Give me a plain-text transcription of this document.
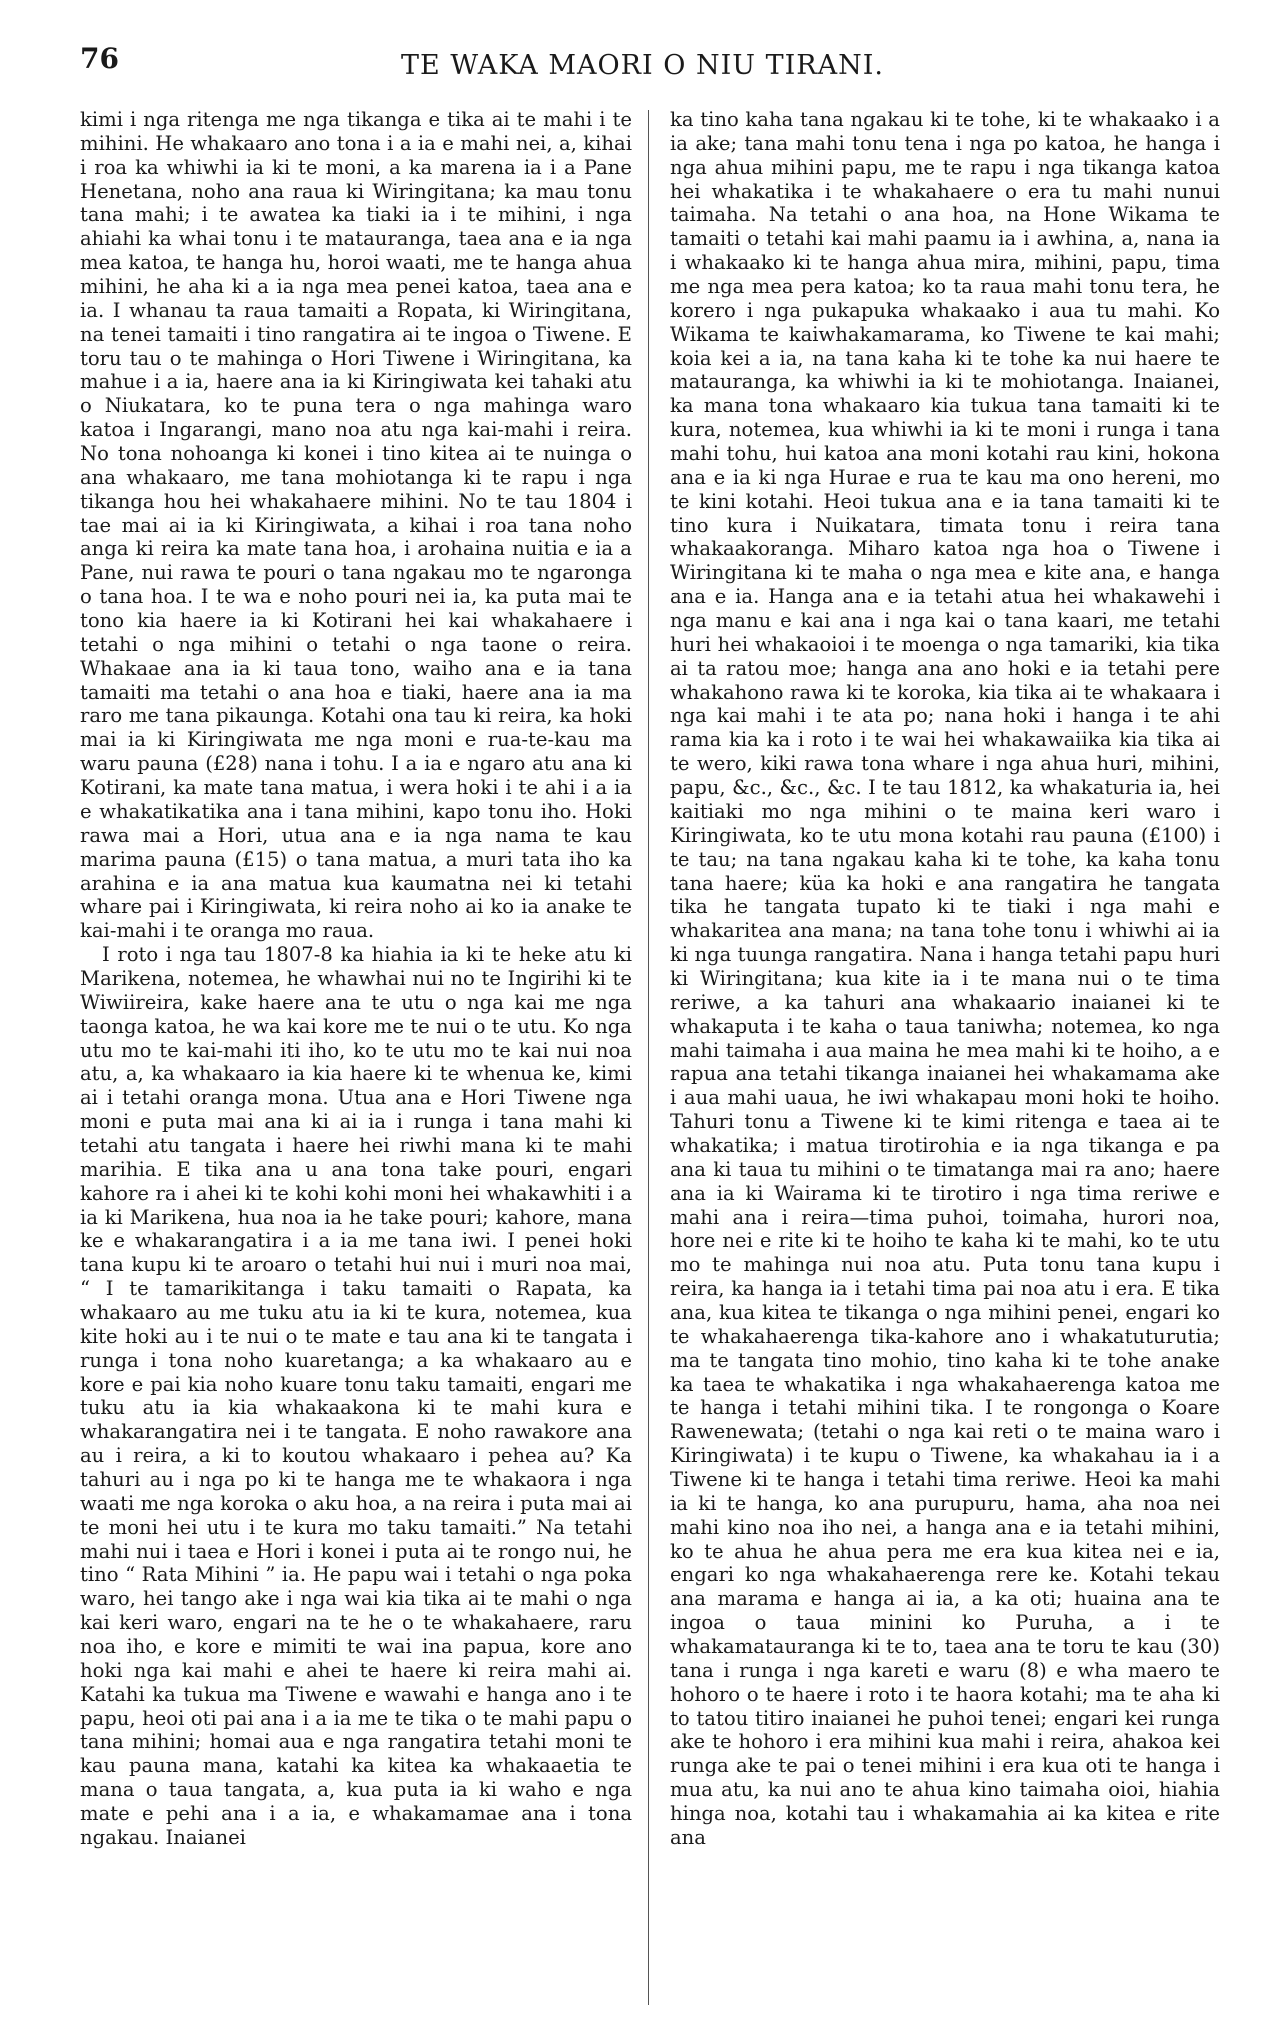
76	TE WAKA MAORI O NIU TIRANI.

kimi i nga ritenga me nga tikanga e tika ai te mahi i te mihini. He whakaaro ano tona i a ia e mahi nei, a, kihai i roa ka whiwhi ia ki te moni, a ka marena ia i a Pane Henetana, noho ana raua ki Wiringitana; ka mau tonu tana mahi; i te awatea ka tiaki ia i te mihini, i nga ahiahi ka whai tonu i te matauranga, taea ana e ia nga mea katoa, te hanga hu, horoi waati, me te hanga ahua mihini, he aha ki a ia nga mea penei katoa, taea ana e ia. I whanau ta raua tamaiti a Ropata, ki Wiringitana, na tenei tamaiti i tino rangatira ai te ingoa o Tiwene. E toru tau o te mahinga o Hori Tiwene i Wiringitana, ka mahue i a ia, haere ana ia ki Kiringiwata kei tahaki atu o Niukatara, ko te puna tera o nga mahinga waro katoa i Ingarangi, mano noa atu nga kai-mahi i reira. No tona nohoanga ki konei i tino kitea ai te nuinga o ana whakaaro, me tana mohiotanga ki te rapu i nga tikanga hou hei whakahaere mihini. No te tau 1804 i tae mai ai ia ki Kiringiwata, a kihai i roa tana noho anga ki reira ka mate tana hoa, i arohaina nuitia e ia a Pane, nui rawa te pouri o tana ngakau mo te ngaronga o tana hoa. I te wa e noho pouri nei ia, ka puta mai te tono kia haere ia ki Kotirani hei kai whakahaere i tetahi o nga mihini o tetahi o nga taone o reira. Whakaae ana ia ki taua tono, waiho ana e ia tana tamaiti ma tetahi o ana hoa e tiaki, haere ana ia ma raro me tana pikaunga. Kotahi ona tau ki reira, ka hoki mai ia ki Kiringiwata me nga moni e rua-te-kau ma waru pauna (£28) nana i tohu. I a ia e ngaro atu ana ki Kotirani, ka mate tana matua, i wera hoki i te ahi i a ia e whakatikatika ana i tana mihini, kapo tonu iho. Hoki rawa mai a Hori, utua ana e ia nga nama te kau marima pauna (£15) o tana matua, a muri tata iho ka arahina e ia ana matua kua kaumatna nei ki tetahi whare pai i Kiringiwata, ki reira noho ai ko ia anake te kai-mahi i te oranga mo raua.

I roto i nga tau 1807-8 ka hiahia ia ki te heke atu ki Marikena, notemea, he whawhai nui no te Ingirihi ki te Wiwiireira, kake haere ana te utu o nga kai me nga taonga katoa, he wa kai kore me te nui o te utu. Ko nga utu mo te kai-mahi iti iho, ko te utu mo te kai nui noa atu, a, ka whakaaro ia kia haere ki te whenua ke, kimi ai i tetahi oranga mona. Utua ana e Hori Tiwene nga moni e puta mai ana ki ai ia i runga i tana mahi ki tetahi atu tangata i haere hei riwhi mana ki te mahi marihia. E tika ana u ana tona take pouri, engari kahore ra i ahei ki te kohi kohi moni hei whakawhiti i a ia ki Marikena, hua noa ia he take pouri; kahore, mana ke e whakarangatira i a ia me tana iwi. I penei hoki tana kupu ki te aroaro o tetahi hui nui i muri noa mai, “ I te tamarikitanga i taku tamaiti o Rapata, ka whakaaro au me tuku atu ia ki te kura, notemea, kua kite hoki au i te nui o te mate e tau ana ki te tangata i runga i tona noho kuaretanga; a ka whakaaro au e kore e pai kia noho kuare tonu taku tamaiti, engari me tuku atu ia kia whakaakona ki te mahi kura e whakarangatira nei i te tangata. E noho rawakore ana au i reira, a ki to koutou whakaaro i pehea au? Ka tahuri au i nga po ki te hanga me te whakaora i nga waati me nga koroka o aku hoa, a na reira i puta mai ai te moni hei utu i te kura mo taku tamaiti.” Na tetahi mahi nui i taea e Hori i konei i puta ai te rongo nui, he tino “ Rata Mihini ” ia. He papu wai i tetahi o nga poka waro, hei tango ake i nga wai kia tika ai te mahi o nga kai keri waro, engari na te he o te whakahaere, raru noa iho, e kore e mimiti te wai ina papua, kore ano hoki nga kai mahi e ahei te haere ki reira mahi ai. Katahi ka tukua ma Tiwene e wawahi e hanga ano i te papu, heoi oti pai ana i a ia me te tika o te mahi papu o tana mihini; homai aua e nga rangatira tetahi moni te kau pauna mana, katahi ka kitea ka whakaaetia te mana o taua tangata, a, kua puta ia ki waho e nga mate e pehi ana i a ia, e whakamamae ana i tona ngakau. Inaianei

ka tino kaha tana ngakau ki te tohe, ki te whakaako i a ia ake; tana mahi tonu tena i nga po katoa, he hanga i nga ahua mihini papu, me te rapu i nga tikanga katoa hei whakatika i te whakahaere o era tu mahi nunui taimaha. Na tetahi o ana hoa, na Hone Wikama te tamaiti o tetahi kai mahi paamu ia i awhina, a, nana ia i whakaako ki te hanga ahua mira, mihini, papu, tima me nga mea pera katoa; ko ta raua mahi tonu tera, he korero i nga pukapuka whakaako i aua tu mahi. Ko Wikama te kaiwhakamarama, ko Tiwene te kai mahi; koia kei a ia, na tana kaha ki te tohe ka nui haere te matauranga, ka whiwhi ia ki te mohiotanga. Inaianei, ka mana tona whakaaro kia tukua tana tamaiti ki te kura, notemea, kua whiwhi ia ki te moni i runga i tana mahi tohu, hui katoa ana moni kotahi rau kini, hokona ana e ia ki nga Hurae e rua te kau ma ono hereni, mo te kini kotahi. Heoi tukua ana e ia tana tamaiti ki te tino kura i Nuikatara, timata tonu i reira tana whakaakoranga. Miharo katoa nga hoa o Tiwene i Wiringitana ki te maha o nga mea e kite ana, e hanga ana e ia. Hanga ana e ia tetahi atua hei whakawehi i nga manu e kai ana i nga kai o tana kaari, me tetahi huri hei whakaoioi i te moenga o nga tamariki, kia tika ai ta ratou moe; hanga ana ano hoki e ia tetahi pere whakahono rawa ki te koroka, kia tika ai te whakaara i nga kai mahi i te ata po; nana hoki i hanga i te ahi rama kia ka i roto i te wai hei whakawaiika kia tika ai te wero, kiki rawa tona whare i nga ahua huri, mihini, papu, &c., &c., &c. I te tau 1812, ka whakaturia ia, hei kaitiaki mo nga mihini o te maina keri waro i Kiringiwata, ko te utu mona kotahi rau pauna (£100) i te tau; na tana ngakau kaha ki te tohe, ka kaha tonu tana haere; küa ka hoki e ana rangatira he tangata tika he tangata tupato ki te tiaki i nga mahi e whakaritea ana mana; na tana tohe tonu i whiwhi ai ia ki nga tuunga rangatira. Nana i hanga tetahi papu huri ki Wiringitana; kua kite ia i te mana nui o te tima reriwe, a ka tahuri ana whakaario inaianei ki te whakaputa i te kaha o taua taniwha; notemea, ko nga mahi taimaha i aua maina he mea mahi ki te hoiho, a e rapua ana tetahi tikanga inaianei hei whakamama ake i aua mahi uaua, he iwi whakapau moni hoki te hoiho. Tahuri tonu a Tiwene ki te kimi ritenga e taea ai te whakatika; i matua tirotirohia e ia nga tikanga e pa ana ki taua tu mihini o te timatanga mai ra ano; haere ana ia ki Wairama ki te tirotiro i nga tima reriwe e mahi ana i reira—tima puhoi, toimaha, hurori noa, hore nei e rite ki te hoiho te kaha ki te mahi, ko te utu mo te mahinga nui noa atu. Puta tonu tana kupu i reira, ka hanga ia i tetahi tima pai noa atu i era. E tika ana, kua kitea te tikanga o nga mihini penei, engari ko te whakahaerenga tika-kahore ano i whakatuturutia; ma te tangata tino mohio, tino kaha ki te tohe anake ka taea te whakatika i nga whakahaerenga katoa me te hanga i tetahi mihini tika. I te rongonga o Koare Rawenewata; (tetahi o nga kai reti o te maina waro i Kiringiwata) i te kupu o Tiwene, ka whakahau ia i a Tiwene ki te hanga i tetahi tima reriwe. Heoi ka mahi ia ki te hanga, ko ana purupuru, hama, aha noa nei mahi kino noa iho nei, a hanga ana e ia tetahi mihini, ko te ahua he ahua pera me era kua kitea nei e ia, engari ko nga whakahaerenga rere ke. Kotahi tekau ana marama e hanga ai ia, a ka oti; huaina ana te ingoa o taua minini ko Puruha, a i te whakamatauranga ki te to, taea ana te toru te kau (30) tana i runga i nga kareti e waru (8) e wha maero te hohoro o te haere i roto i te haora kotahi; ma te aha ki to tatou titiro inaianei he puhoi tenei; engari kei runga ake te hohoro i era mihini kua mahi i reira, ahakoa kei runga ake te pai o tenei mihini i era kua oti te hanga i mua atu, ka nui ano te ahua kino taimaha oioi, hiahia hinga noa, kotahi tau i whakamahia ai ka kitea e rite ana
